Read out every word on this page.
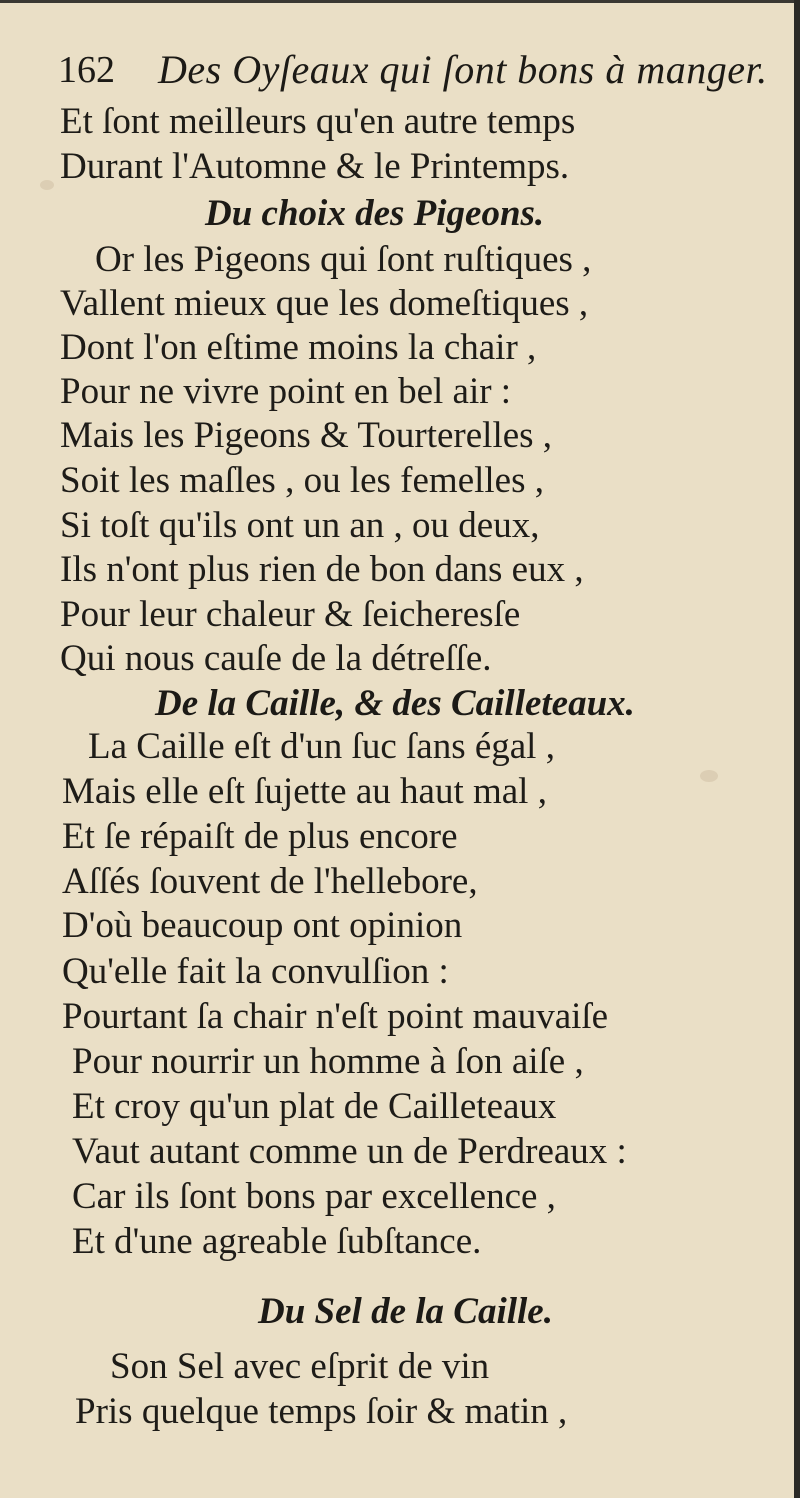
162 Des Oyſeaux qui ſont bons à manger.
Et ſont meilleurs qu'en autre temps
Durant l'Automne & le Printemps.
Du choix des Pigeons.
Or les Pigeons qui ſont ruſtiques ,
Vallent mieux que les domeſtiques ,
Dont l'on eſtime moins la chair ,
Pour ne vivre point en bel air :
Mais les Pigeons & Tourterelles ,
Soit les maſles , ou les femelles ,
Si toſt qu'ils ont un an , ou deux,
Ils n'ont plus rien de bon dans eux ,
Pour leur chaleur & ſeicheresſe
Qui nous cauſe de la détreſſe.
De la Caille, & des Cailleteaux.
La Caille eſt d'un ſuc ſans égal ,
Mais elle eſt ſujette au haut mal ,
Et ſe répaiſt de plus encore
Aſſés ſouvent de l'hellebore,
D'où beaucoup ont opinion
Qu'elle fait la convulſion :
Pourtant ſa chair n'eſt point mauvaiſe
Pour nourrir un homme à ſon aiſe ,
Et croy qu'un plat de Cailleteaux
Vaut autant comme un de Perdreaux :
Car ils ſont bons par excellence ,
Et d'une agreable ſubſtance.
Du Sel de la Caille.
Son Sel avec eſprit de vin
Pris quelque temps ſoir & matin ,
